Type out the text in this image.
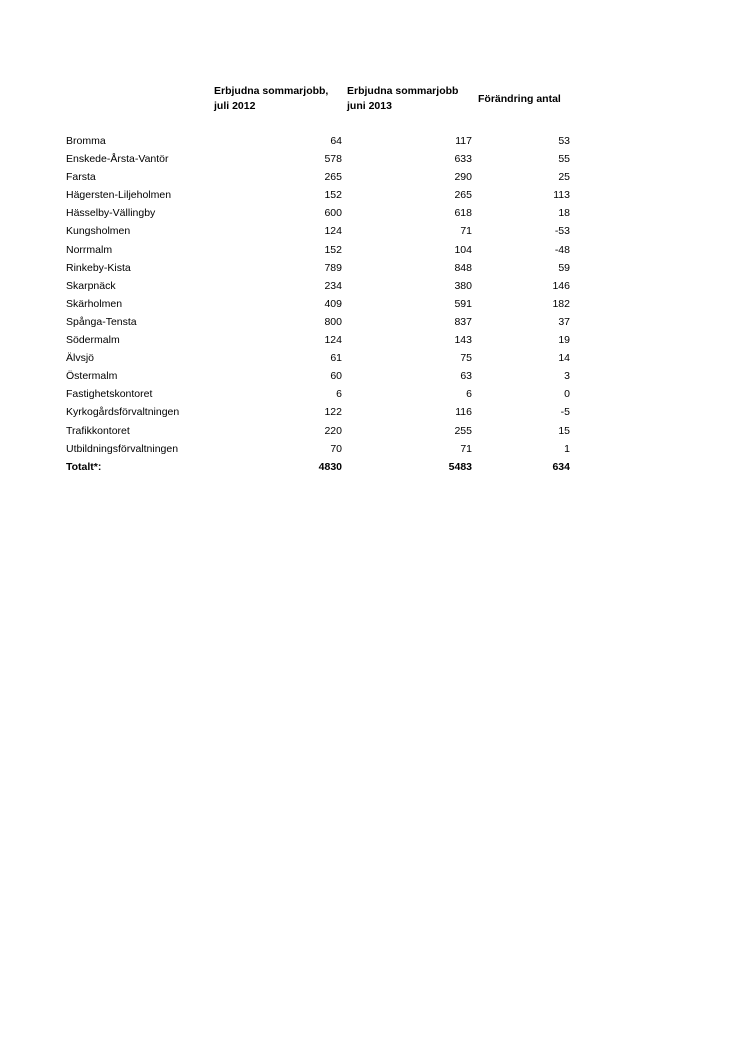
Erbjudna sommarjobb,
juli 2012
Erbjudna sommarjobb
juni 2013
Förändring antal
Bromma	64	117	53
Enskede-Årsta-Vantör	578	633	55
Farsta	265	290	25
Hägersten-Liljeholmen	152	265	113
Hässelby-Vällingby	600	618	18
Kungsholmen	124	71	-53
Norrmalm	152	104	-48
Rinkeby-Kista	789	848	59
Skarpnäck	234	380	146
Skärholmen	409	591	182
Spånga-Tensta	800	837	37
Södermalm	124	143	19
Älvsjö	61	75	14
Östermalm	60	63	3
Fastighetskontoret	6	6	0
Kyrkogårdsförvaltningen	122	116	-5
Trafikkontoret	220	255	15
Utbildningsförvaltningen	70	71	1
Totalt*:	4830	5483	634
